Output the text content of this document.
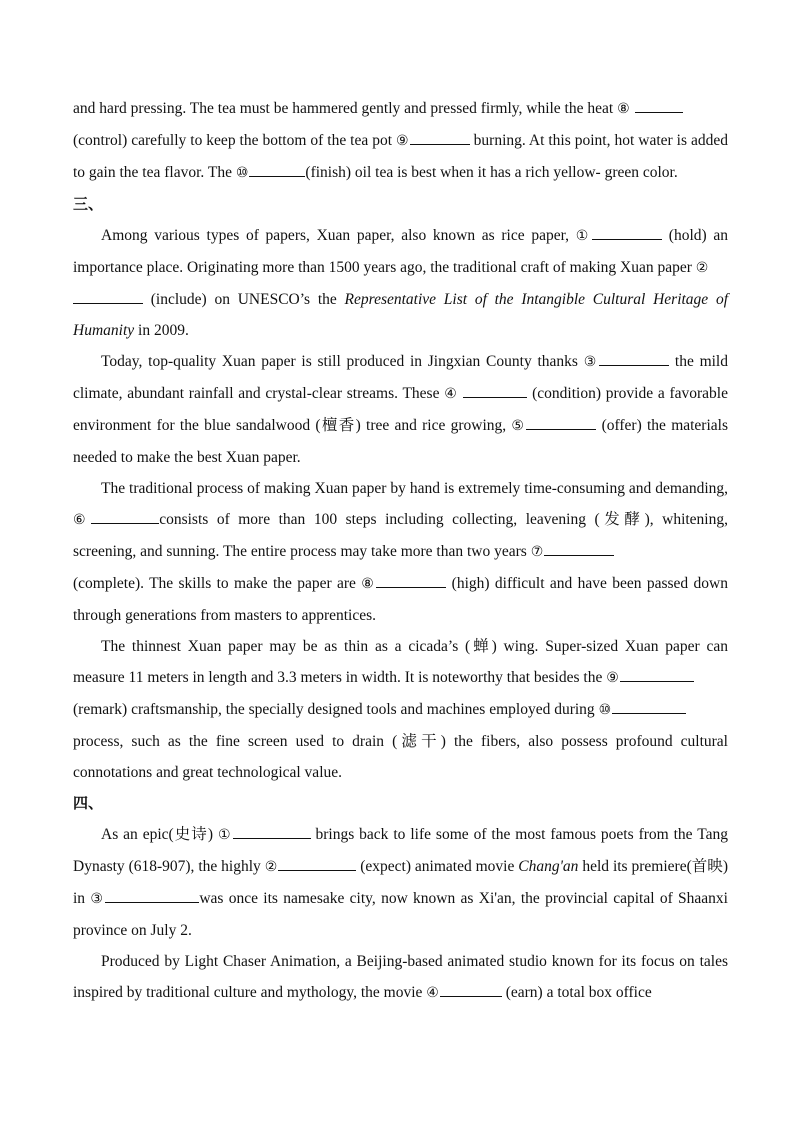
and hard pressing. The tea must be hammered gently and pressed firmly, while the heat ⑧
(control) carefully to keep the bottom of the tea pot ⑨	burning. At this point, hot water is added to gain the tea flavor. The ⑩	(finish) oil tea is best when it has a rich yellow- green color.

三、

Among various types of papers, Xuan paper, also known as rice paper, ①	(hold) an importance place. Originating more than 1500 years ago, the traditional craft of making Xuan paper ②
(include) on UNESCO’s the Representative List of the Intangible Cultural Heritage of Humanity in 2009.

Today, top-quality Xuan paper is still produced in Jingxian County thanks ③	the mild climate, abundant rainfall and crystal-clear streams. These ④	(condition) provide a favorable environment for the blue sandalwood (檀香) tree and rice growing, ⑤	(offer) the materials needed to make the best Xuan paper.

The traditional process of making Xuan paper by hand is extremely time-consuming and demanding, ⑥	consists of more than 100 steps including collecting, leavening (发酵), whitening, screening, and sunning. The entire process may take more than two years ⑦
(complete). The skills to make the paper are ⑧	(high) difficult and have been passed down through generations from masters to apprentices.

The thinnest Xuan paper may be as thin as a cicada’s (蝉) wing. Super-sized Xuan paper can measure 11 meters in length and 3.3 meters in width. It is noteworthy that besides the ⑨
(remark) craftsmanship, the specially designed tools and machines employed during ⑩
process, such as the fine screen used to drain (滤干) the fibers, also possess profound cultural connotations and great technological value.

四、

As an epic(史诗) ①	brings back to life some of the most famous poets from the Tang Dynasty (618-907), the highly ②	(expect) animated movie Chang'an held its premiere(首映) in ③	was once its namesake city, now known as Xi'an, the provincial capital of Shaanxi province on July 2.

Produced by Light Chaser Animation, a Beijing-based animated studio known for its focus on tales inspired by traditional culture and mythology, the movie ④	(earn) a total box office
